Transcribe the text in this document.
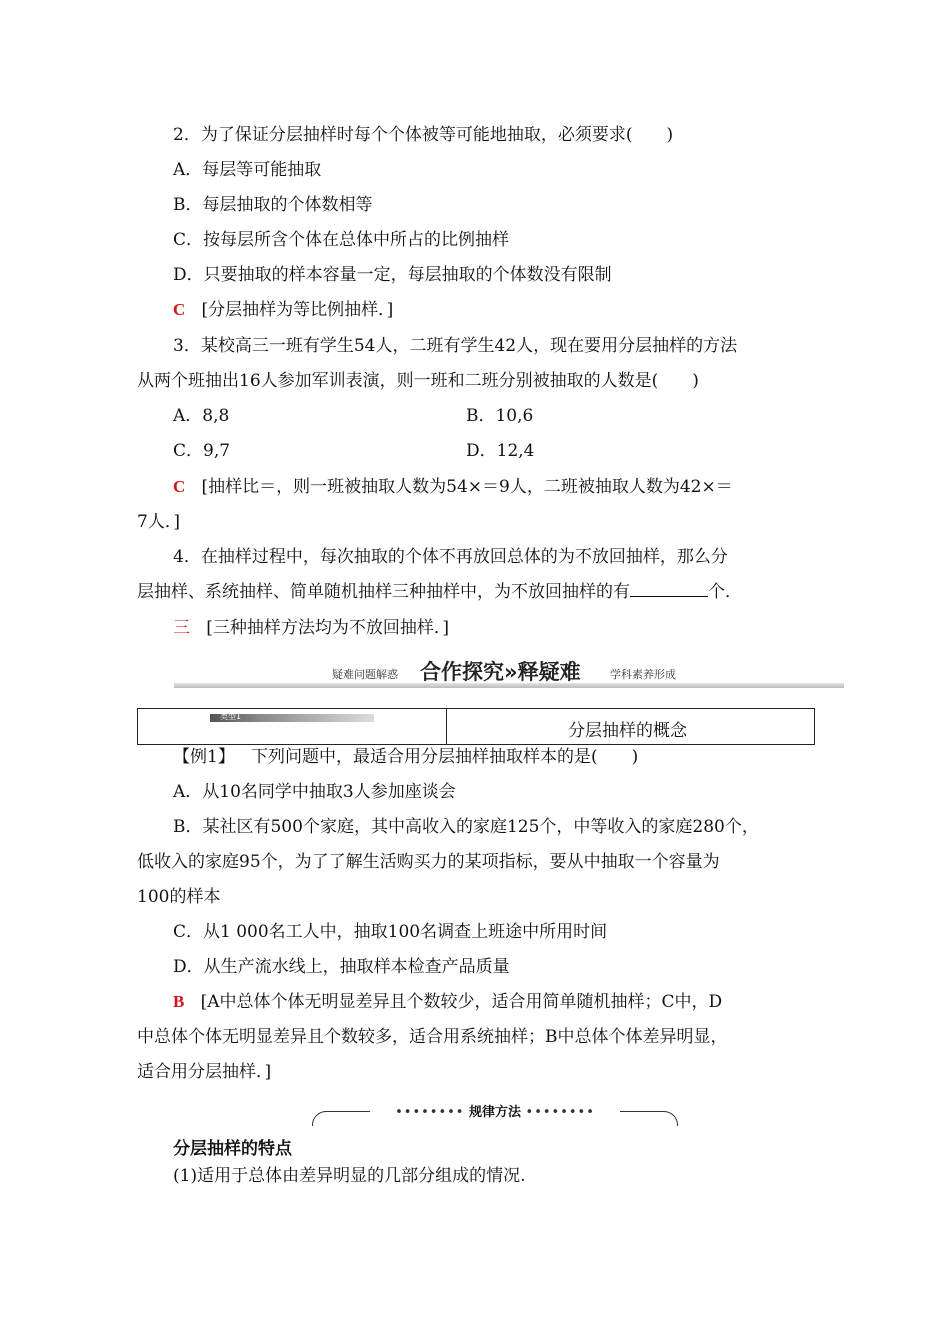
2．为了保证分层抽样时每个个体被等可能地抽取，必须要求(　　)
A．每层等可能抽取
B．每层抽取的个体数相等
C．按每层所含个体在总体中所占的比例抽样
D．只要抽取的样本容量一定，每层抽取的个体数没有限制
C [分层抽样为等比例抽样．]
3．某校高三一班有学生54人，二班有学生42人，现在要用分层抽样的方法
从两个班抽出16人参加军训表演，则一班和二班分别被抽取的人数是(　　)
A．8,8	B．10,6
C．9,7	D．12,4
C [抽样比＝，则一班被抽取人数为54×＝9人，二班被抽取人数为42×＝
7人．]
4．在抽样过程中，每次抽取的个体不再放回总体的为不放回抽样，那么分
层抽样、系统抽样、简单随机抽样三种抽样中，为不放回抽样的有	个．
三 [三种抽样方法均为不放回抽样．]
疑难问题解惑 合作探究»释疑难	学科素养形成
类型1
分层抽样的概念
【例1】 下列问题中，最适合用分层抽样抽取样本的是(　　)
A．从10名同学中抽取3人参加座谈会
B．某社区有500个家庭，其中高收入的家庭125个，中等收入的家庭280个，
低收入的家庭95个，为了了解生活购买力的某项指标，要从中抽取一个容量为
100的样本
C．从1 000名工人中，抽取100名调查上班途中所用时间
D．从生产流水线上，抽取样本检查产品质量
B [A中总体个体无明显差异且个数较少，适合用简单随机抽样；C中，D
中总体个体无明显差异且个数较多，适合用系统抽样；B中总体个体差异明显，
适合用分层抽样．]
•••••••• 规律方法 ••••••••
分层抽样的特点
(1)适用于总体由差异明显的几部分组成的情况.
